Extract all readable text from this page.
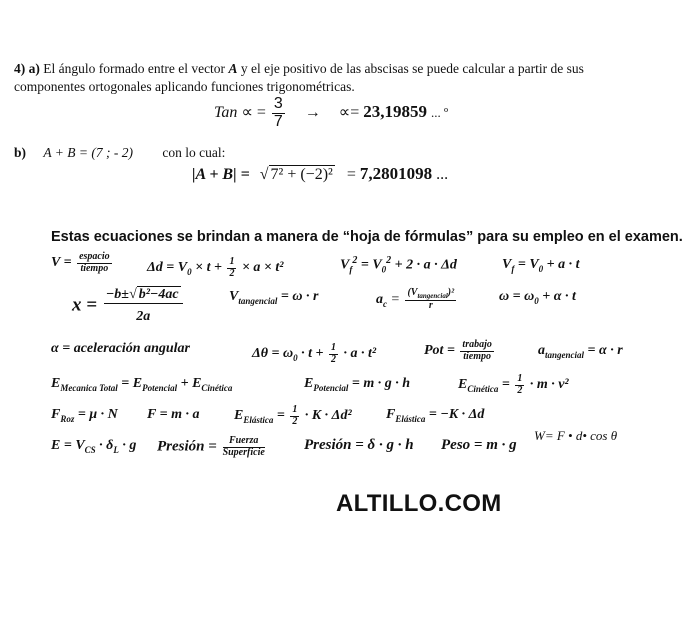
4) a) El ángulo formado entre el vector A y el eje positivo de las abscisas se puede calcular a partir de sus
componentes ortogonales aplicando funciones trigonométricas.
Tan ∝ = $\frac{3}{7}$ → ∝= 23,19859 ... º
b) A + B = (7 ; - 2) con lo cual:
|A + B| = √ 7² + (−2)² = 7,2801098 ...
Estas ecuaciones se brindan a manera de “hoja de fórmulas” para su empleo en el examen.
$V = \frac{\text{espacio}}{\text{tiempo}}$	$\Delta d = V_0 \times t + \frac{1}{2} \times a \times t^2$	$V_f^2 = V_0^2 + 2 \cdot a \cdot \Delta d$	$V_f = V_0 + a \cdot t$
$x = \frac{\text{−b±√ b²−4ac}}{2a}$	$V_{tangencial} = \omega \cdot r$	$a_c = \frac{(V_{tangencial})^2}{r}$	$\omega = \omega_0 + \alpha \cdot t$
α = aceleración angular	$\Delta\theta = \omega_0 \cdot t + \frac{1}{2} \cdot a \cdot t^2$	Pot = $\frac{\text{trabajo}}{\text{tiempo}}$	$a_{tangencial} = \alpha \cdot r$
$E_{Mecanica Total} = E_{Potencial} + E_{Cinética}$	$E_{Potencial} = m \cdot g \cdot h$	$E_{Cinética} = \frac{1}{2} \cdot m \cdot v^2$
$F_{Roz} = \mu \cdot N$ F = m · a $E_{Elástica} = \frac{1}{2} \cdot K \cdot \Delta d^2$ $F_{Elástica} = -K \cdot \Delta d$
$E = V_{CS} \cdot \delta_L \cdot g$ Presión = $\frac{\text{Fuerza}}{\text{Superficie}}$	Presión = δ · g · h Peso = m · g
W= F • d• cos θ
ALTILLO.COM
